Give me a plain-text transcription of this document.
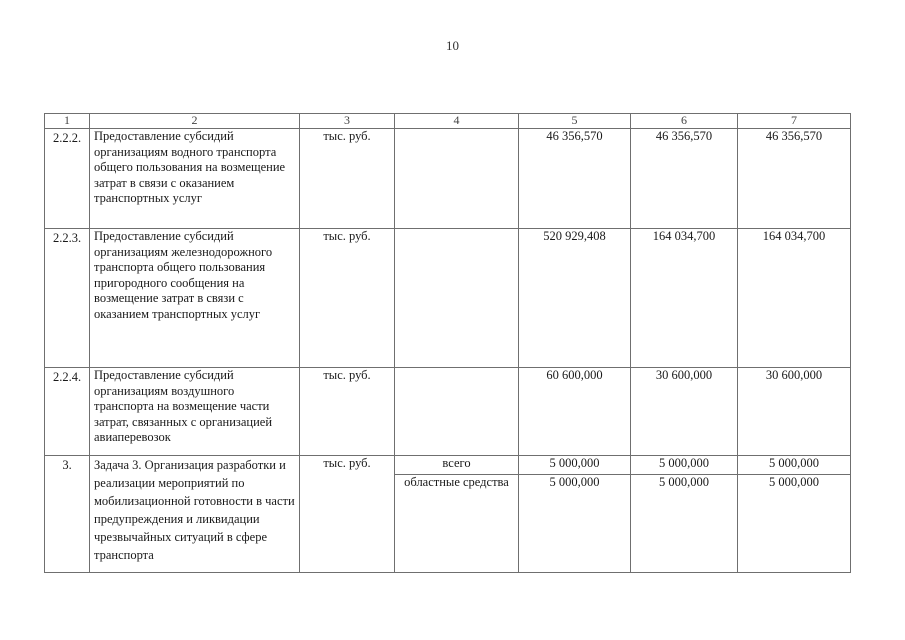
10
1	2	3	4	5	6	7
2.2.2.	Предоставление субсидий организациям водного транспорта общего пользования на возмещение затрат в связи с оказанием транспортных услуг	тыс. руб.		46 356,570	46 356,570	46 356,570
2.2.3.	Предоставление субсидий организациям железнодорожного транспорта общего пользования пригородного сообщения на возмещение затрат в связи с оказанием транспортных услуг	тыс. руб.		520 929,408	164 034,700	164 034,700
2.2.4.	Предоставление субсидий организациям воздушного транспорта на возмещение части затрат, связанных с организацией авиаперевозок	тыс. руб.		60 600,000	30 600,000	30 600,000
3.	Задача 3. Организация разработки и реализации мероприятий по мобилизационной готовности в части предупреждения и ликвидации чрезвычайных ситуаций в сфере транспорта	тыс. руб.	всего	5 000,000	5 000,000	5 000,000
			областные средства	5 000,000	5 000,000	5 000,000
